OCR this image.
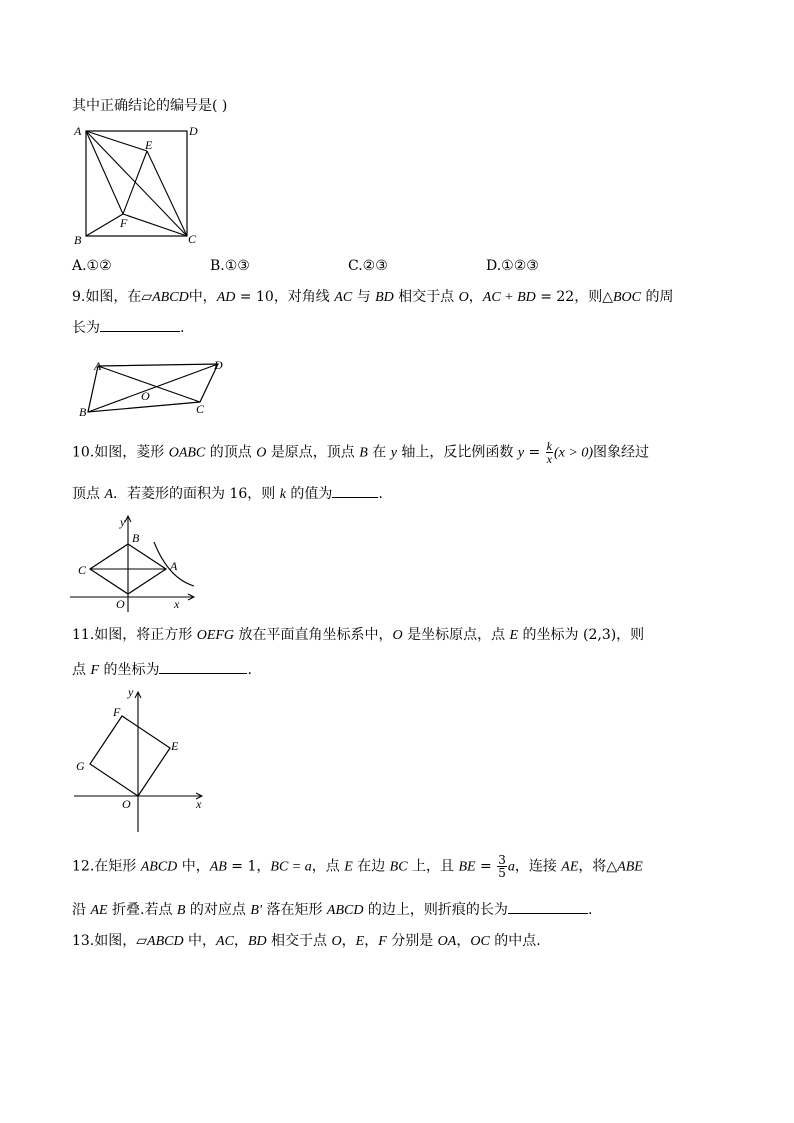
其中正确结论的编号是( )
A	D
E
F
B	C
A.①②	B.①③	C.②③	D.①②③
9.如图，在▱ABCD中，AD = 10，对角线 AC 与 BD 相交于点 O，AC + BD = 22，则△BOC 的周
长为	.
A	D
O
B	C
10.如图，菱形 OABC 的顶点 O 是原点，顶点 B 在 y 轴上，反比例函数 $y = \frac{k}{x} (x > 0)$图象经过
顶点 A．若菱形的面积为 16，则 k 的值为	.
y
B
C	A
O	x
11.如图，将正方形 OEFG 放在平面直角坐标系中，O 是坐标原点，点 E 的坐标为 (2,3)，则
点 F 的坐标为	.
y
F
E
G
O	x
12.在矩形 ABCD 中，AB = 1，BC = a，点 E 在边 BC 上，且 BE = $\frac{3}{5}$ a，连接 AE，将△ABE
沿 AE 折叠.若点 B 的对应点 B′ 落在矩形 ABCD 的边上，则折痕的长为	.
13.如图，▱ABCD 中，AC，BD 相交于点 O，E，F 分别是 OA，OC 的中点.
